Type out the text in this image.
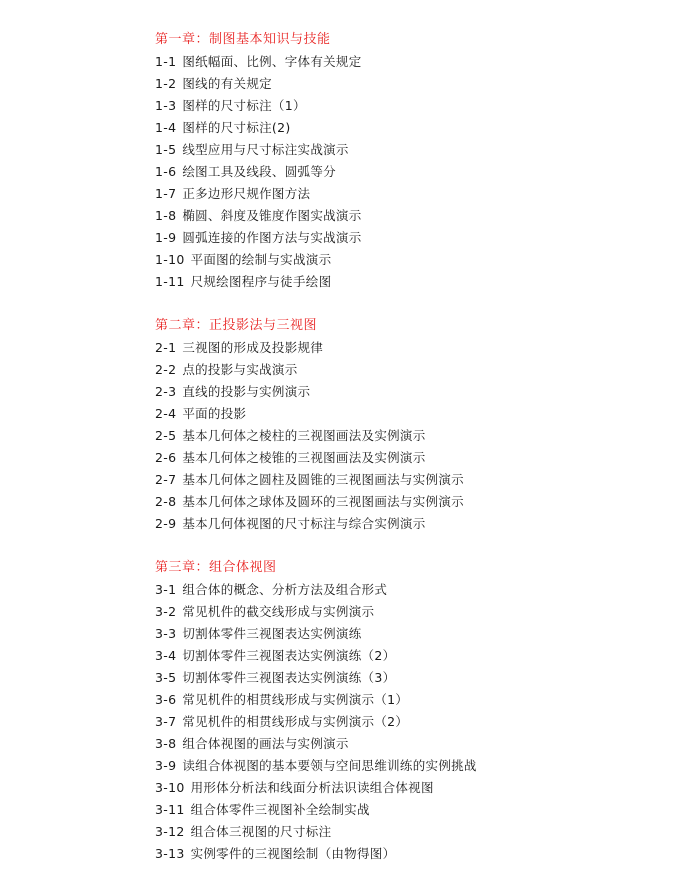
第一章：制图基本知识与技能
1-1 图纸幅面、比例、字体有关规定
1-2 图线的有关规定
1-3 图样的尺寸标注（1）
1-4 图样的尺寸标注(2)
1-5 线型应用与尺寸标注实战演示
1-6 绘图工具及线段、圆弧等分
1-7 正多边形尺规作图方法
1-8 椭圆、斜度及锥度作图实战演示
1-9 圆弧连接的作图方法与实战演示
1-10 平面图的绘制与实战演示
1-11 尺规绘图程序与徒手绘图
第二章：正投影法与三视图
2-1 三视图的形成及投影规律
2-2 点的投影与实战演示
2-3 直线的投影与实例演示
2-4 平面的投影
2-5 基本几何体之棱柱的三视图画法及实例演示
2-6 基本几何体之棱锥的三视图画法及实例演示
2-7 基本几何体之圆柱及圆锥的三视图画法与实例演示
2-8 基本几何体之球体及圆环的三视图画法与实例演示
2-9 基本几何体视图的尺寸标注与综合实例演示
第三章：组合体视图
3-1 组合体的概念、分析方法及组合形式
3-2 常见机件的截交线形成与实例演示
3-3 切割体零件三视图表达实例演练
3-4 切割体零件三视图表达实例演练（2）
3-5 切割体零件三视图表达实例演练（3）
3-6 常见机件的相贯线形成与实例演示（1）
3-7 常见机件的相贯线形成与实例演示（2）
3-8 组合体视图的画法与实例演示
3-9 读组合体视图的基本要领与空间思维训练的实例挑战
3-10 用形体分析法和线面分析法识读组合体视图
3-11 组合体零件三视图补全绘制实战
3-12 组合体三视图的尺寸标注
3-13 实例零件的三视图绘制（由物得图）
